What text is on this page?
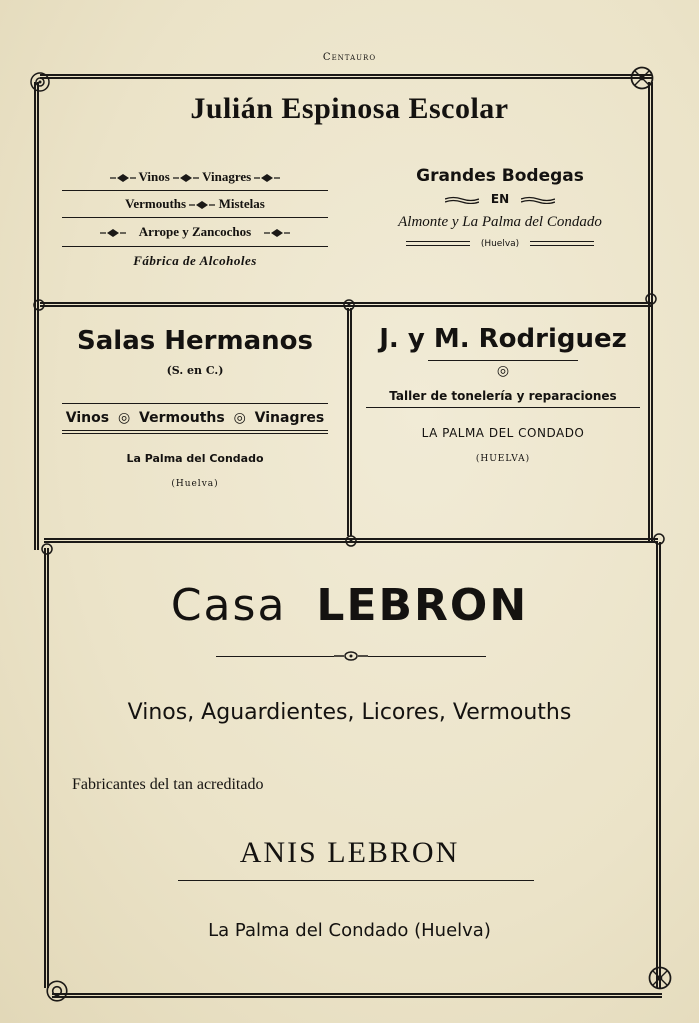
Centauro
Julián Espinosa Escolar
Vinos Vinagres
Vermouths	Mistelas
Arrope y Zancochos
Fábrica de Alcoholes
Grandes Bodegas
EN
Almonte y La Palma del Condado
(Huelva)
Salas Hermanos
(S. en C.)
Vinos ◎ Vermouths ◎ Vinagres
La Palma del Condado
(Huelva)
J. y M. Rodriguez
◎
Taller de tonelería y reparaciones
LA PALMA DEL CONDADO
(HUELVA)
Casa LEBRON
Vinos, Aguardientes, Licores, Vermouths
Fabricantes del tan acreditado
ANIS LEBRON
La Palma del Condado (Huelva)
